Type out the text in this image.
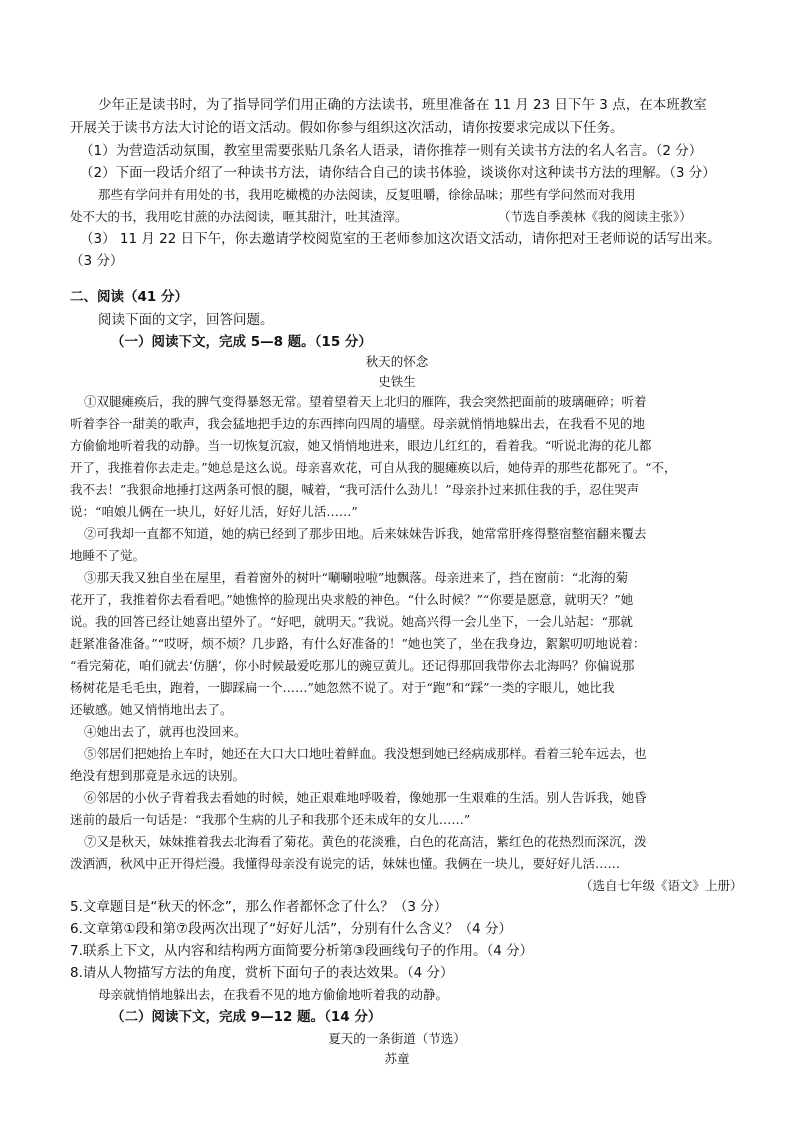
少年正是读书时，为了指导同学们用正确的方法读书，班里准备在 11 月 23 日下午 3 点，在本班教室
开展关于读书方法大讨论的语文活动。假如你参与组织这次活动，请你按要求完成以下任务。
（1）为营造活动氛围，教室里需要张贴几条名人语录，请你推荐一则有关读书方法的名人名言。（2 分）
（2）下面一段话介绍了一种读书方法，请你结合自己的读书体验，谈谈你对这种读书方法的理解。（3 分）
那些有学问并有用处的书，我用吃橄榄的办法阅读，反复咀嚼，徐徐品味；那些有学问然而对我用
处不大的书，我用吃甘蔗的办法阅读，咂其甜汁，吐其渣滓。	（节选自季羡林《我的阅读主张》）
（3） 11 月 22 日下午，你去邀请学校阅览室的王老师参加这次语文活动，请你把对王老师说的话写出来。
（3 分）
二、阅读（41 分）
阅读下面的文字，回答问题。
（一）阅读下文，完成 5—8 题。（15 分）
秋天的怀念
史铁生
①双腿瘫痪后，我的脾气变得暴怒无常。望着望着天上北归的雁阵，我会突然把面前的玻璃砸碎；听着
听着李谷一甜美的歌声，我会猛地把手边的东西摔向四周的墙壁。母亲就悄悄地躲出去，在我看不见的地
方偷偷地听着我的动静。当一切恢复沉寂，她又悄悄地进来，眼边儿红红的，看着我。“听说北海的花儿都
开了，我推着你去走走。”她总是这么说。母亲喜欢花，可自从我的腿瘫痪以后，她侍弄的那些花都死了。“不，
我不去！”我狠命地捶打这两条可恨的腿，喊着，“我可活什么劲儿！”母亲扑过来抓住我的手，忍住哭声
说：“咱娘儿俩在一块儿，好好儿活，好好儿活……”
②可我却一直都不知道，她的病已经到了那步田地。后来妹妹告诉我，她常常肝疼得整宿整宿翻来覆去
地睡不了觉。
③那天我又独自坐在屋里，看着窗外的树叶“唰唰啦啦”地飘落。母亲进来了，挡在窗前：“北海的菊
花开了，我推着你去看看吧。”她憔悴的脸现出央求般的神色。“什么时候？”“你要是愿意，就明天？”她
说。我的回答已经让她喜出望外了。“好吧，就明天。”我说。她高兴得一会儿坐下，一会儿站起：“那就
赶紧准备准备。”“哎呀，烦不烦？几步路，有什么好准备的！”她也笑了，坐在我身边，絮絮叨叨地说着：
“看完菊花，咱们就去‘仿膳’，你小时候最爱吃那儿的豌豆黄儿。还记得那回我带你去北海吗？你偏说那
杨树花是毛毛虫，跑着，一脚踩扁一个……”她忽然不说了。对于“跑”和“踩”一类的字眼儿，她比我
还敏感。她又悄悄地出去了。
④她出去了，就再也没回来。
⑤邻居们把她抬上车时，她还在大口大口地吐着鲜血。我没想到她已经病成那样。看着三轮车远去，也
绝没有想到那竟是永远的诀别。
⑥邻居的小伙子背着我去看她的时候，她正艰难地呼吸着，像她那一生艰难的生活。别人告诉我，她昏
迷前的最后一句话是：“我那个生病的儿子和我那个还未成年的女儿……”
⑦又是秋天，妹妹推着我去北海看了菊花。黄色的花淡雅，白色的花高洁，紫红色的花热烈而深沉，泼
泼洒洒，秋风中正开得烂漫。我懂得母亲没有说完的话，妹妹也懂。我俩在一块儿，要好好儿活……
（选自七年级《语文》上册）
5.文章题目是“秋天的怀念”，那么作者都怀念了什么？（3 分）
6.文章第①段和第⑦段两次出现了“好好儿活”，分别有什么含义？（4 分）
7.联系上下文，从内容和结构两方面简要分析第③段画线句子的作用。（4 分）
8.请从人物描写方法的角度，赏析下面句子的表达效果。（4 分）
母亲就悄悄地躲出去，在我看不见的地方偷偷地听着我的动静。
（二）阅读下文，完成 9—12 题。（14 分）
夏天的一条街道（节选）
苏童
